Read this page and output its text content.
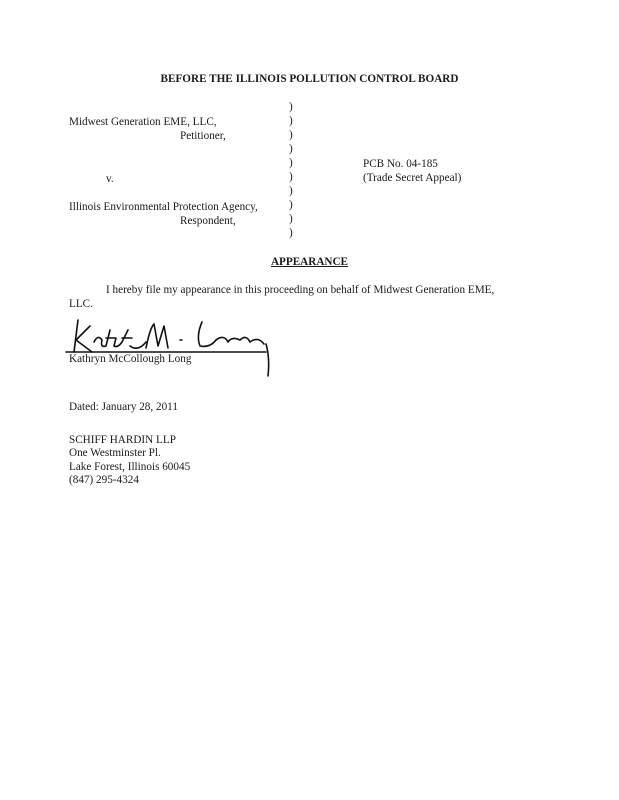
BEFORE THE ILLINOIS POLLUTION CONTROL BOARD
Midwest Generation EME, LLC,
Petitioner,
v.
Illinois Environmental Protection Agency,
Respondent,
)
)
)
)
)
)
)
)
)
)
PCB No. 04-185
(Trade Secret Appeal)
APPEARANCE
I hereby file my appearance in this proceeding on behalf of Midwest Generation EME,
LLC.
Kathryn McCollough Long
Dated: January 28, 2011
SCHIFF HARDIN LLP
One Westminster Pl.
Lake Forest, Illinois 60045
(847) 295-4324
